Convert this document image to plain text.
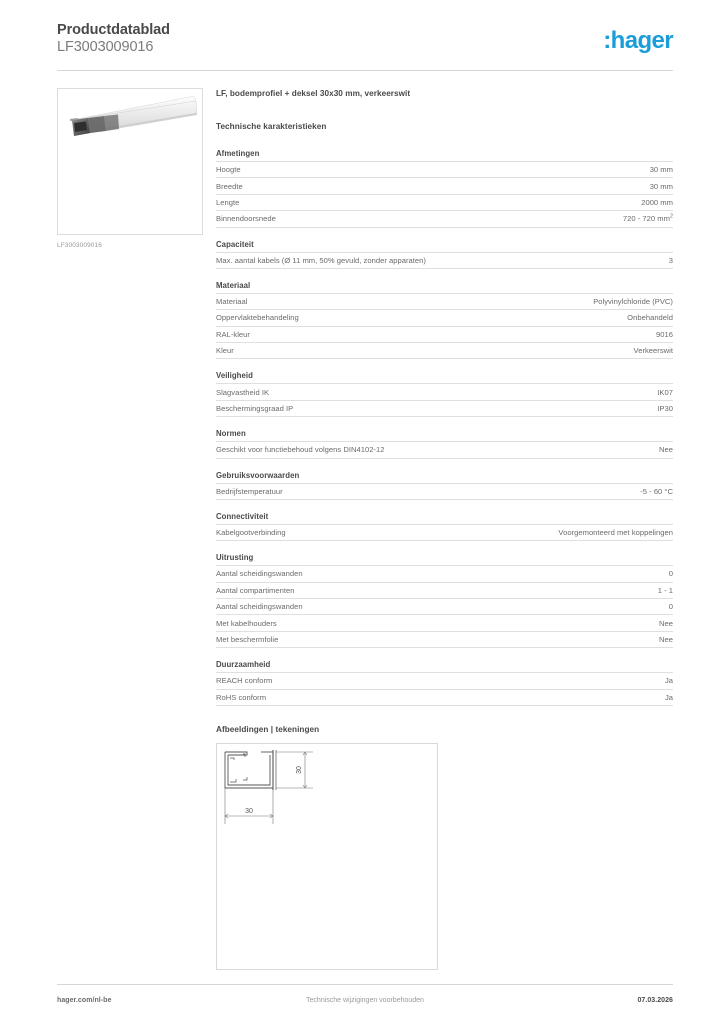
Productdatablad
LF3003009016	:hager
LF3003009016
LF, bodemprofiel + deksel 30x30 mm, verkeerswit
Technische karakteristieken
Afmetingen
Hoogte	30 mm
Breedte	30 mm
Lengte	2000 mm
Binnendoorsnede	720 - 720 $mm^2$
Capaciteit
Max. aantal kabels (Ø 11 mm, 50% gevuld, zonder apparaten)	3
Materiaal
Materiaal	Polyvinylchloride (PVC)
Oppervlaktebehandeling	Onbehandeld
RAL-kleur	9016
Kleur	Verkeerswit
Veiligheid
Slagvastheid IK	IK07
Beschermingsgraad IP	IP30
Normen
Geschikt voor functiebehoud volgens DIN4102-12	Nee
Gebruiksvoorwaarden
Bedrijfstemperatuur	-5 - 60 °C
Connectiviteit
Kabelgootverbinding	Voorgemonteerd met koppelingen
Uitrusting
Aantal scheidingswanden	0
Aantal compartimenten	1 - 1
Aantal scheidingswanden	0
Met kabelhouders	Nee
Met beschermfolie	Nee
Duurzaamheid
REACH conform	Ja
RoHS conform	Ja
Afbeeldingen | tekeningen
30
30
hager.com/nl-be	Technische wijzigingen voorbehouden	07.03.2026
